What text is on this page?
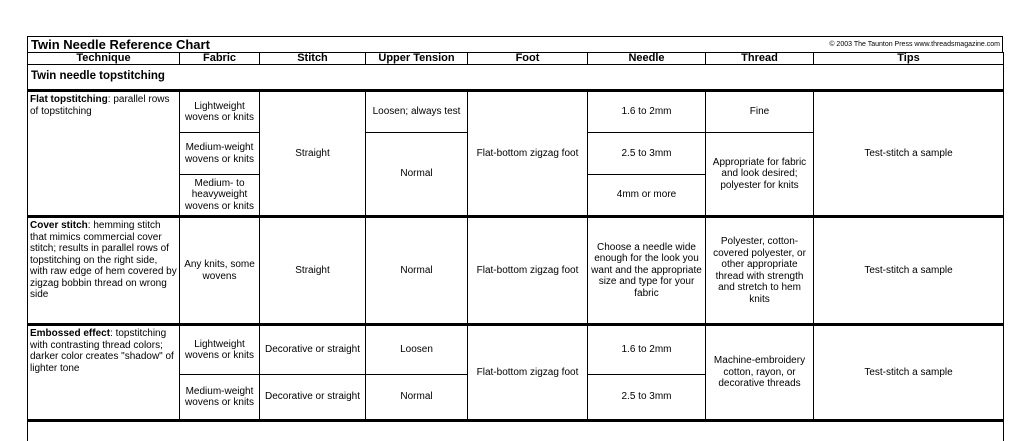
Twin Needle Reference Chart	© 2003 The Taunton Press www.threadsmagazine.com
Technique	Fabric	Stitch	Upper Tension	Foot	Needle	Thread	Tips
Twin needle topstitching							
Flat topstitching: parallel rows of topstitching	Lightweight wovens or knits	Straight	Loosen; always test	Flat-bottom zigzag foot	1.6 to 2mm	Fine	Test-stitch a sample
	Medium-weight wovens or knits		Normal		2.5 to 3mm	Appropriate for fabric and look desired; polyester for knits	
	Medium- to heavyweight wovens or knits				4mm or more		
Cover stitch: hemming stitch that mimics commercial cover stitch; results in parallel rows of topstitching on the right side, with raw edge of hem covered by zigzag bobbin thread on wrong side	Any knits, some wovens	Straight	Normal	Flat-bottom zigzag foot	Choose a needle wide enough for the look you want and the appropriate size and type for your fabric	Polyester, cotton-covered polyester, or other appropriate thread with strength and stretch to hem knits	Test-stitch a sample
Embossed effect: topstitching with contrasting thread colors; darker color creates "shadow" of lighter tone	Lightweight wovens or knits	Decorative or straight	Loosen	Flat-bottom zigzag foot	1.6 to 2mm	Machine-embroidery cotton, rayon, or decorative threads	Test-stitch a sample
	Medium-weight wovens or knits	Decorative or straight	Normal		2.5 to 3mm		
